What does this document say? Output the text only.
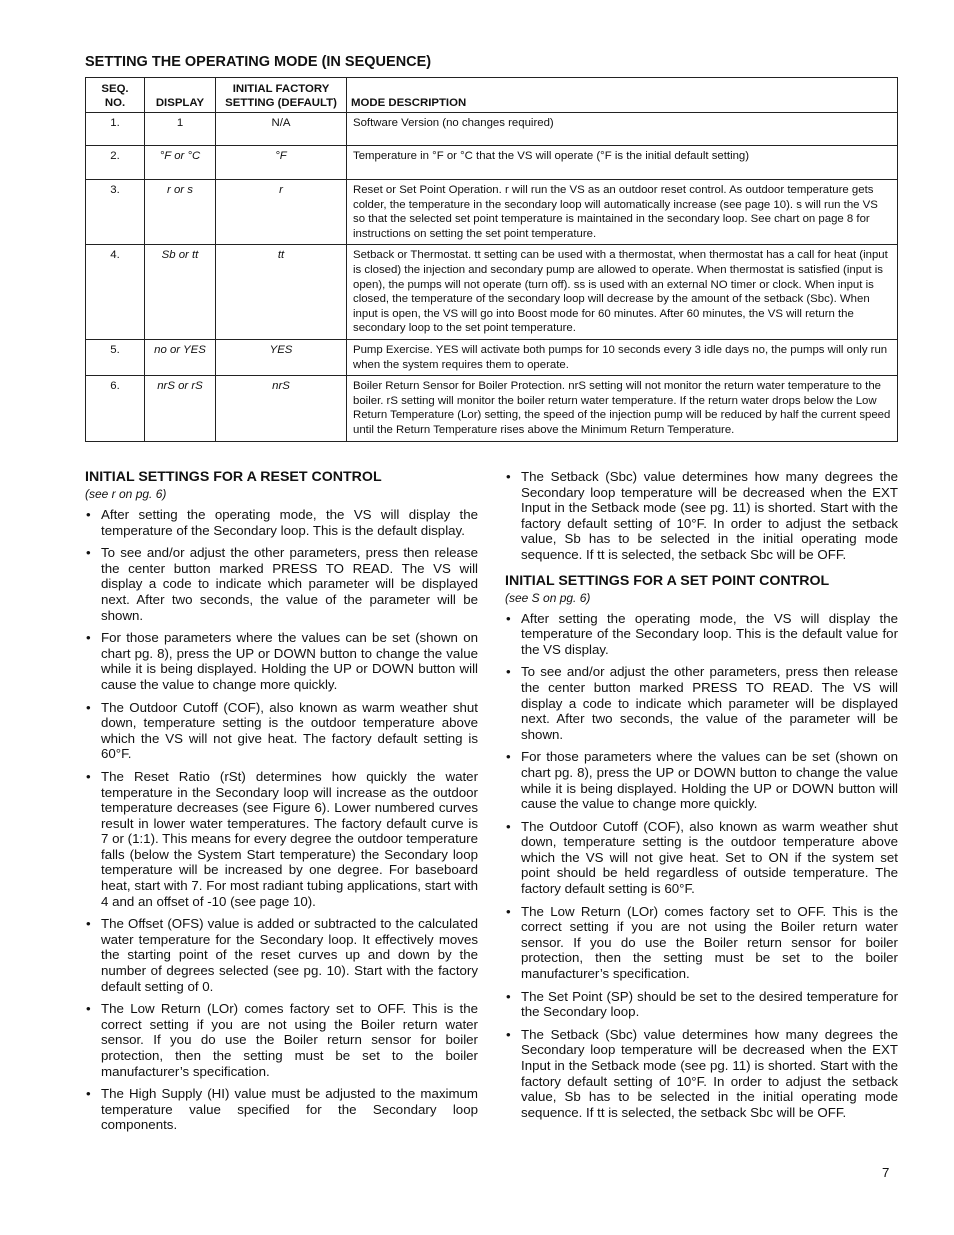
SETTING THE OPERATING MODE (IN SEQUENCE)
SEQ. NO.	DISPLAY	INITIAL FACTORY SETTING (DEFAULT)	MODE DESCRIPTION
1.	1	N/A	Software Version (no changes required)
2.	°F or °C	°F	Temperature in °F or °C that the VS will operate (°F is the initial default setting)
3.	r or s	r	Reset or Set Point Operation. r will run the VS as an outdoor reset control. As outdoor temperature gets colder, the temperature in the secondary loop will automatically increase (see page 10). s will run the VS so that the selected set point temperature is maintained in the secondary loop. See chart on page 8 for instructions on setting the set point temperature.
4.	Sb or tt	tt	Setback or Thermostat. tt setting can be used with a thermostat, when thermostat has a call for heat (input is closed) the injection and secondary pump are allowed to operate. When thermostat is satisfied (input is open), the pumps will not operate (turn off). ss is used with an external NO timer or clock. When input is closed, the temperature of the secondary loop will decrease by the amount of the setback (Sbc). When input is open, the VS will go into Boost mode for 60 minutes. After 60 minutes, the VS will return the secondary loop to the set point temperature.
5.	no or YES	YES	Pump Exercise. YES will activate both pumps for 10 seconds every 3 idle days no, the pumps will only run when the system requires them to operate.
6.	nrS or rS	nrS	Boiler Return Sensor for Boiler Protection. nrS setting will not monitor the return water temperature to the boiler. rS setting will monitor the boiler return water temperature. If the return water drops below the Low Return Temperature (Lor) setting, the speed of the injection pump will be reduced by half the current speed until the Return Temperature rises above the Minimum Return Temperature.
INITIAL SETTINGS FOR A RESET CONTROL
(see r on pg. 6)
• After setting the operating mode, the VS will display the temperature of the Secondary loop. This is the default display.
• To see and/or adjust the other parameters, press then release the center button marked PRESS TO READ. The VS will display a code to indicate which parameter will be displayed next. After two seconds, the value of the parameter will be shown.
• For those parameters where the values can be set (shown on chart pg. 8), press the UP or DOWN button to change the value while it is being displayed. Holding the UP or DOWN button will cause the value to change more quickly.
• The Outdoor Cutoff (COF), also known as warm weather shut down, temperature setting is the outdoor temperature above which the VS will not give heat. The factory default setting is 60°F.
• The Reset Ratio (rSt) determines how quickly the water temperature in the Secondary loop will increase as the outdoor temperature decreases (see Figure 6). Lower numbered curves result in lower water temperatures. The factory default curve is 7 or (1:1). This means for every degree the outdoor temperature falls (below the System Start temperature) the Secondary loop temperature will be increased by one degree. For baseboard heat, start with 7. For most radiant tubing applications, start with 4 and an offset of -10 (see page 10).
• The Offset (OFS) value is added or subtracted to the calculated water temperature for the Secondary loop. It effectively moves the starting point of the reset curves up and down by the number of degrees selected (see pg. 10). Start with the factory default setting of 0.
• The Low Return (LOr) comes factory set to OFF. This is the correct setting if you are not using the Boiler return water sensor. If you do use the Boiler return sensor for boiler protection, then the setting must be set to the boiler manufacturer’s specification.
• The High Supply (HI) value must be adjusted to the maximum temperature value specified for the Secondary loop components.
• The Setback (Sbc) value determines how many degrees the Secondary loop temperature will be decreased when the EXT Input in the Setback mode (see pg. 11) is shorted. Start with the factory default setting of 10°F. In order to adjust the setback value, Sb has to be selected in the initial operating mode sequence. If tt is selected, the setback Sbc will be OFF.
INITIAL SETTINGS FOR A SET POINT CONTROL
(see S on pg. 6)
• After setting the operating mode, the VS will display the temperature of the Secondary loop. This is the default value for the VS display.
• To see and/or adjust the other parameters, press then release the center button marked PRESS TO READ. The VS will display a code to indicate which parameter will be displayed next. After two seconds, the value of the parameter will be shown.
• For those parameters where the values can be set (shown on chart pg. 8), press the UP or DOWN button to change the value while it is being displayed. Holding the UP or DOWN button will cause the value to change more quickly.
• The Outdoor Cutoff (COF), also known as warm weather shut down, temperature setting is the outdoor temperature above which the VS will not give heat. Set to ON if the system set point should be held regardless of outside temperature. The factory default setting is 60°F.
• The Low Return (LOr) comes factory set to OFF. This is the correct setting if you are not using the Boiler return water sensor. If you do use the Boiler return sensor for boiler protection, then the setting must be set to the boiler manufacturer’s specification.
• The Set Point (SP) should be set to the desired temperature for the Secondary loop.
• The Setback (Sbc) value determines how many degrees the Secondary loop temperature will be decreased when the EXT Input in the Setback mode (see pg. 11) is shorted. Start with the factory default setting of 10°F. In order to adjust the setback value, Sb has to be selected in the initial operating mode sequence. If tt is selected, the setback Sbc will be OFF.
7
